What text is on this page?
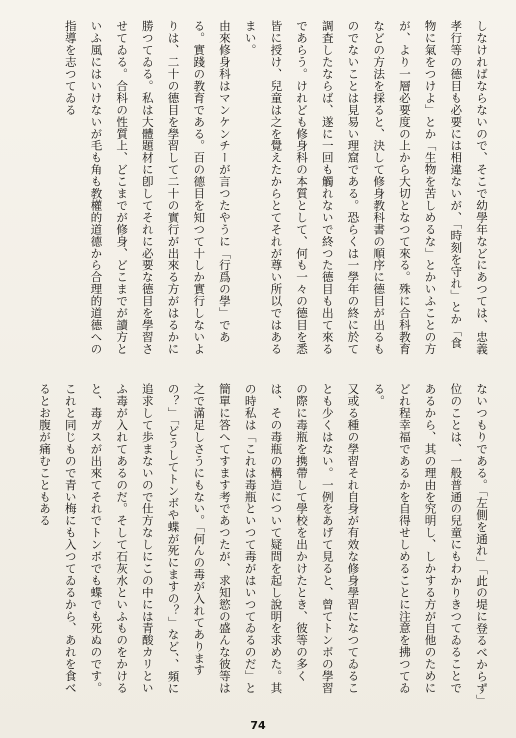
しなければならないので、そこで幼學年などにあつては、忠義孝行等の德目も必要には相違ないが、「時刻を守れ」とか「食物に氣をつけよ」とか「生物を苦しめるな」とかいふことの方が、より一層必要度の上から大切となつて來る。殊に合科教育などの方法を採ると、決して修身教科書の順序に德目が出るものでないことは見易い理窟である。恐らくは一學年の終に於て調査したならば、遂に一回も觸れないで終つた德目も出て來るであらう。けれども修身科の本質として、何も一々の德目を悉皆に授け、兒童は之を覺えたからとてそれが尊い所以ではあるまい。

由來修身科はマンケンチーが言つたやうに「行爲の學」である。實踐の教育である。百の德目を知つて十しか實行しないよりは、二十の德目を學習して二十の實行が出來る方がはるかに勝つてゐる。私は大體題材に卽してそれに必要な德目を學習させてゐる。合科の性質上、どこまでが修身、どこまでが讀方といふ風にはいけないが毛も角も教權的道德から合理的道德への指導を志つてゐる

ないつもりである。「左側を通れ」「此の堤に登るべからず」位のことは、一般普通の兒童にもわかりきつてゐることであるから、其の理由を究明し、しかする方が自他のためにどれ程幸福であるかを自得せしめることに注意を拂つてゐる。

又或る種の學習それ自身が有效な修身學習になつてゐることも少くはない。一例をあげて見ると、曾てトンボの學習の際に毒瓶を携帶して學校を出かけたとき、彼等の多くは、その毒瓶の構造について疑問を起し說明を求めた。其の時私は「これは毒瓶といつて毒がはいつてゐるのだ」と簡單に答へてすます考であつたが、求知慾の盛んな彼等は之で滿足しさうにもない。「何んの毒が入れてありますの？」「どうしてトンボや蝶が死にますの？」など、、頻に追求して歩まないので仕方なしにこの中には青酸カリといふ毒が入れてあるのだ。そして石灰水といふものをかけると、毒ガスが出來てそれでトンボでも蝶でも死ぬのです。これと同じもので青い梅にも入つてゐるから、あれを食べるとお腹が痛むこともある

74
